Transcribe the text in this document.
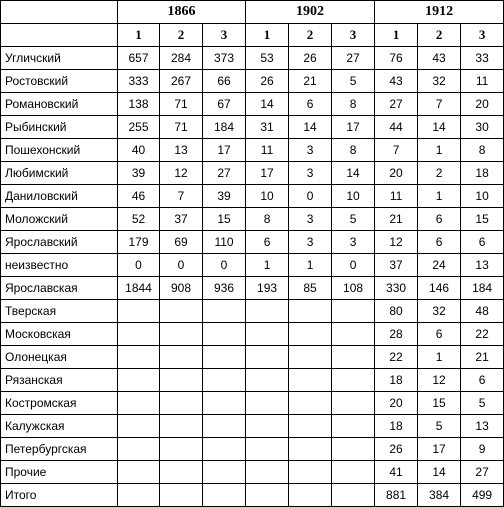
	1866			1902			1912		
	1	2	3	1	2	3	1	2	3
Угличский	657	284	373	53	26	27	76	43	33
Ростовский	333	267	66	26	21	5	43	32	11
Романовский	138	71	67	14	6	8	27	7	20
Рыбинский	255	71	184	31	14	17	44	14	30
Пошехонский	40	13	17	11	3	8	7	1	8
Любимский	39	12	27	17	3	14	20	2	18
Даниловский	46	7	39	10	0	10	11	1	10
Моложский	52	37	15	8	3	5	21	6	15
Ярославский	179	69	110	6	3	3	12	6	6
неизвестно	0	0	0	1	1	0	37	24	13
Ярославская	1844	908	936	193	85	108	330	146	184
Тверская							80	32	48
Московская							28	6	22
Олонецкая							22	1	21
Рязанская							18	12	6
Костромская							20	15	5
Калужская							18	5	13
Петербургская							26	17	9
Прочие							41	14	27
Итого							881	384	499
